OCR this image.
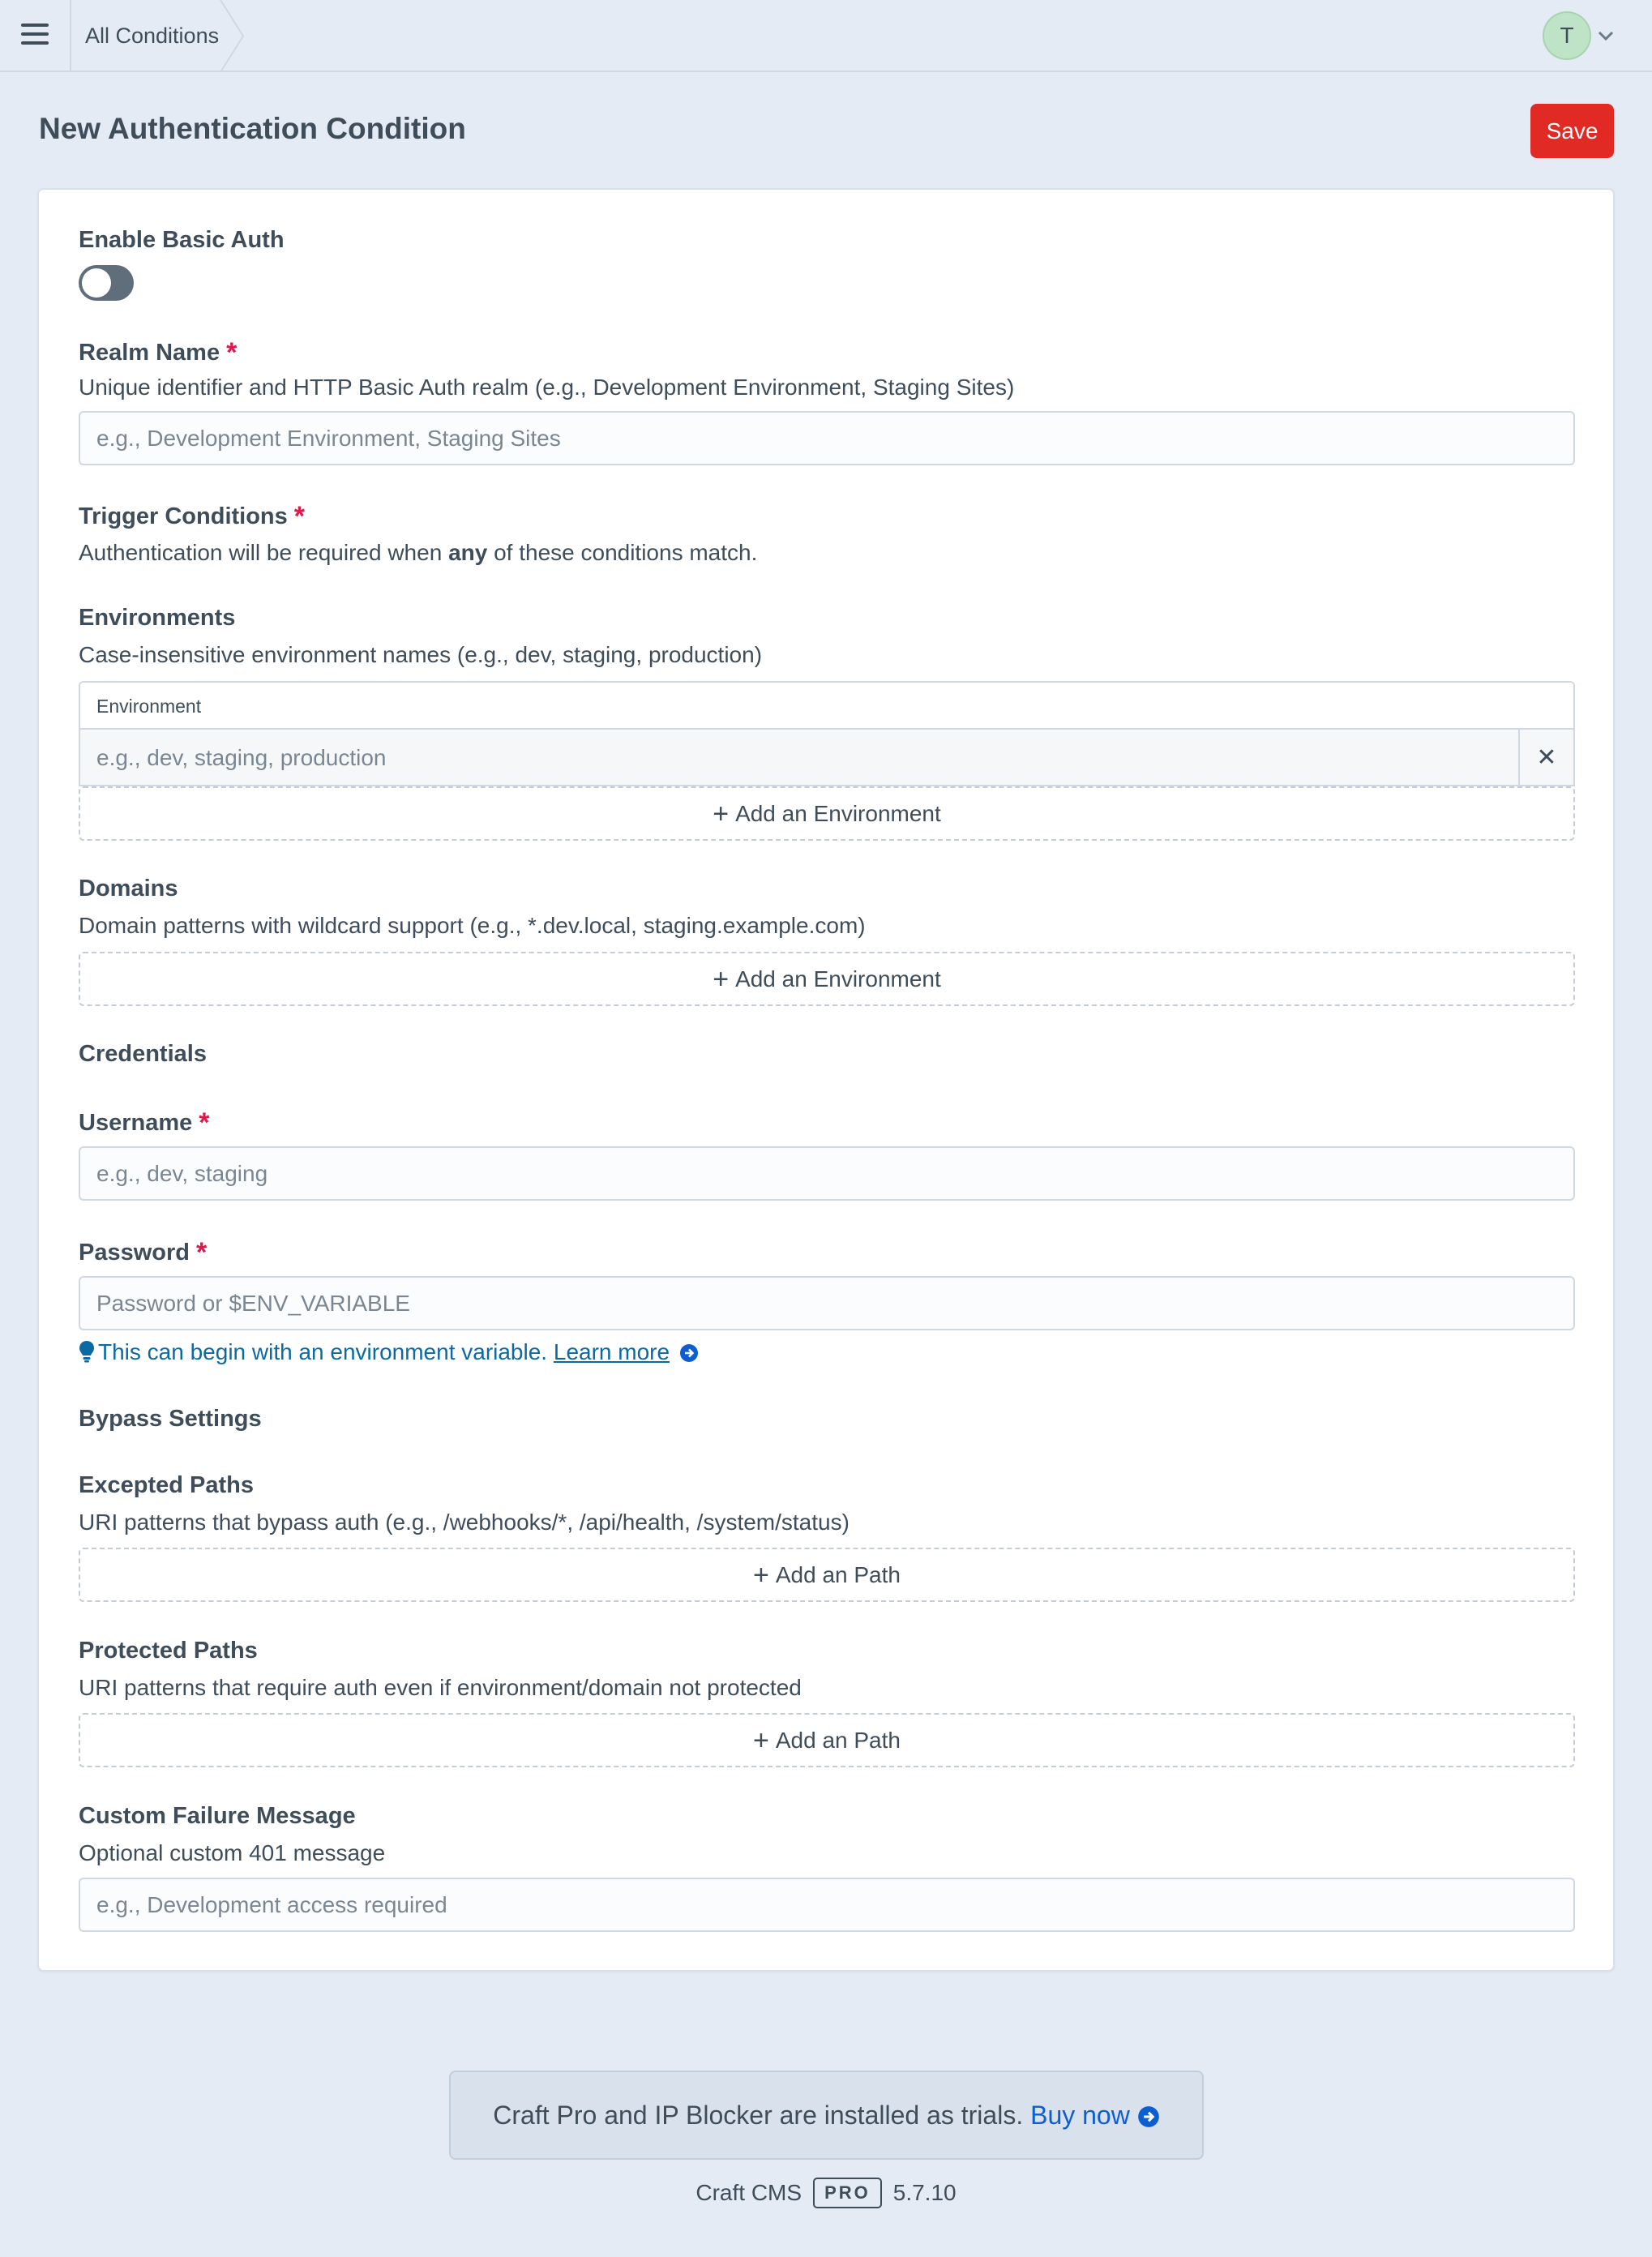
All Conditions	T
New Authentication Condition	Save
Enable Basic Auth
Realm Name *
Unique identifier and HTTP Basic Auth realm (e.g., Development Environment, Staging Sites)
e.g., Development Environment, Staging Sites
Trigger Conditions *
Authentication will be required when any of these conditions match.
Environments
Case-insensitive environment names (e.g., dev, staging, production)
Environment
e.g., dev, staging, production
✕
+ Add an Environment
Domains
Domain patterns with wildcard support (e.g., *.dev.local, staging.example.com)
+ Add an Environment
Credentials
Username *
e.g., dev, staging
Password *
Password or $ENV_VARIABLE
This can begin with an environment variable. Learn more
Bypass Settings
Excepted Paths
URI patterns that bypass auth (e.g., /webhooks/*, /api/health, /system/status)
+ Add an Path
Protected Paths
URI patterns that require auth even if environment/domain not protected
+ Add an Path
Custom Failure Message
Optional custom 401 message
e.g., Development access required
Craft Pro and IP Blocker are installed as trials. Buy now
Craft CMS PRO 5.7.10
